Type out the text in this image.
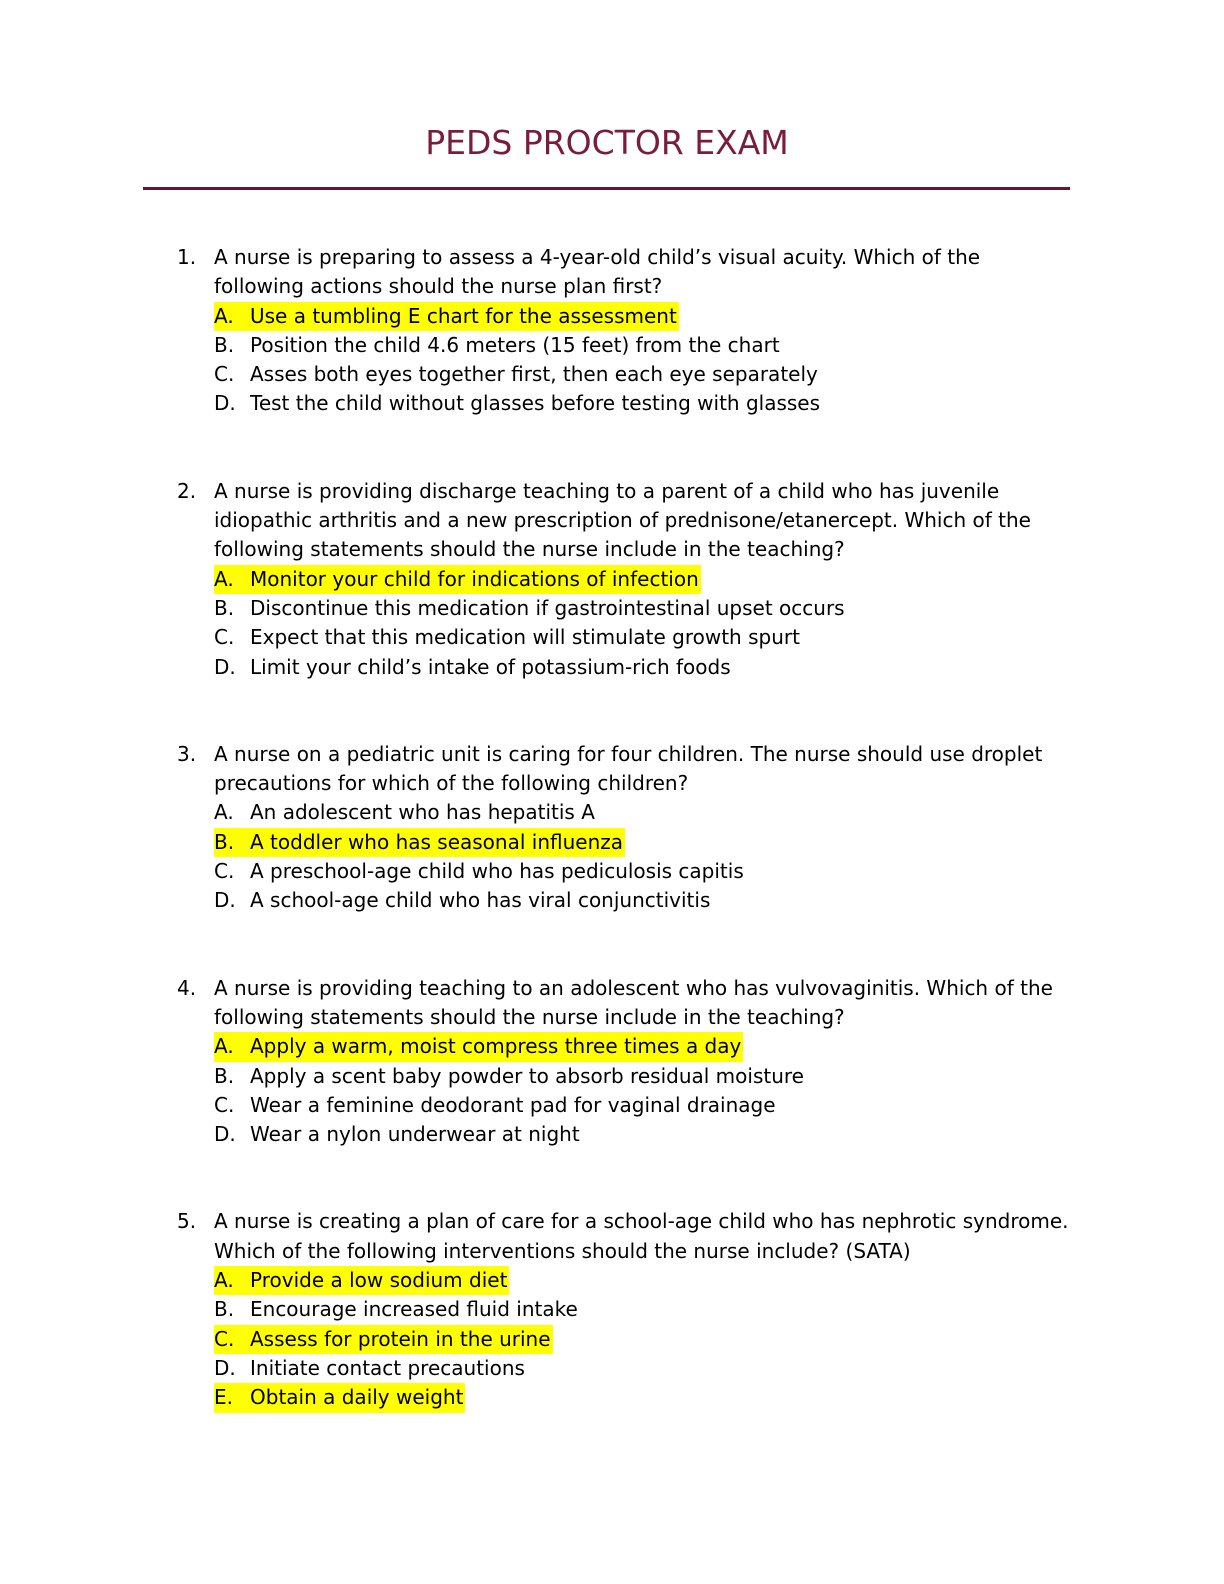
PEDS PROCTOR EXAM
1. A nurse is preparing to assess a 4-year-old child’s visual acuity. Which of the following actions should the nurse plan first?
A. Use a tumbling E chart for the assessment
B. Position the child 4.6 meters (15 feet) from the chart
C. Asses both eyes together first, then each eye separately
D. Test the child without glasses before testing with glasses
2. A nurse is providing discharge teaching to a parent of a child who has juvenile idiopathic arthritis and a new prescription of prednisone/etanercept. Which of the following statements should the nurse include in the teaching?
A. Monitor your child for indications of infection
B. Discontinue this medication if gastrointestinal upset occurs
C. Expect that this medication will stimulate growth spurt
D. Limit your child’s intake of potassium-rich foods
3. A nurse on a pediatric unit is caring for four children. The nurse should use droplet precautions for which of the following children?
A. An adolescent who has hepatitis A
B. A toddler who has seasonal influenza
C. A preschool-age child who has pediculosis capitis
D. A school-age child who has viral conjunctivitis
4. A nurse is providing teaching to an adolescent who has vulvovaginitis. Which of the following statements should the nurse include in the teaching?
A. Apply a warm, moist compress three times a day
B. Apply a scent baby powder to absorb residual moisture
C. Wear a feminine deodorant pad for vaginal drainage
D. Wear a nylon underwear at night
5. A nurse is creating a plan of care for a school-age child who has nephrotic syndrome. Which of the following interventions should the nurse include? (SATA)
A. Provide a low sodium diet
B. Encourage increased fluid intake
C. Assess for protein in the urine
D. Initiate contact precautions
E. Obtain a daily weight
